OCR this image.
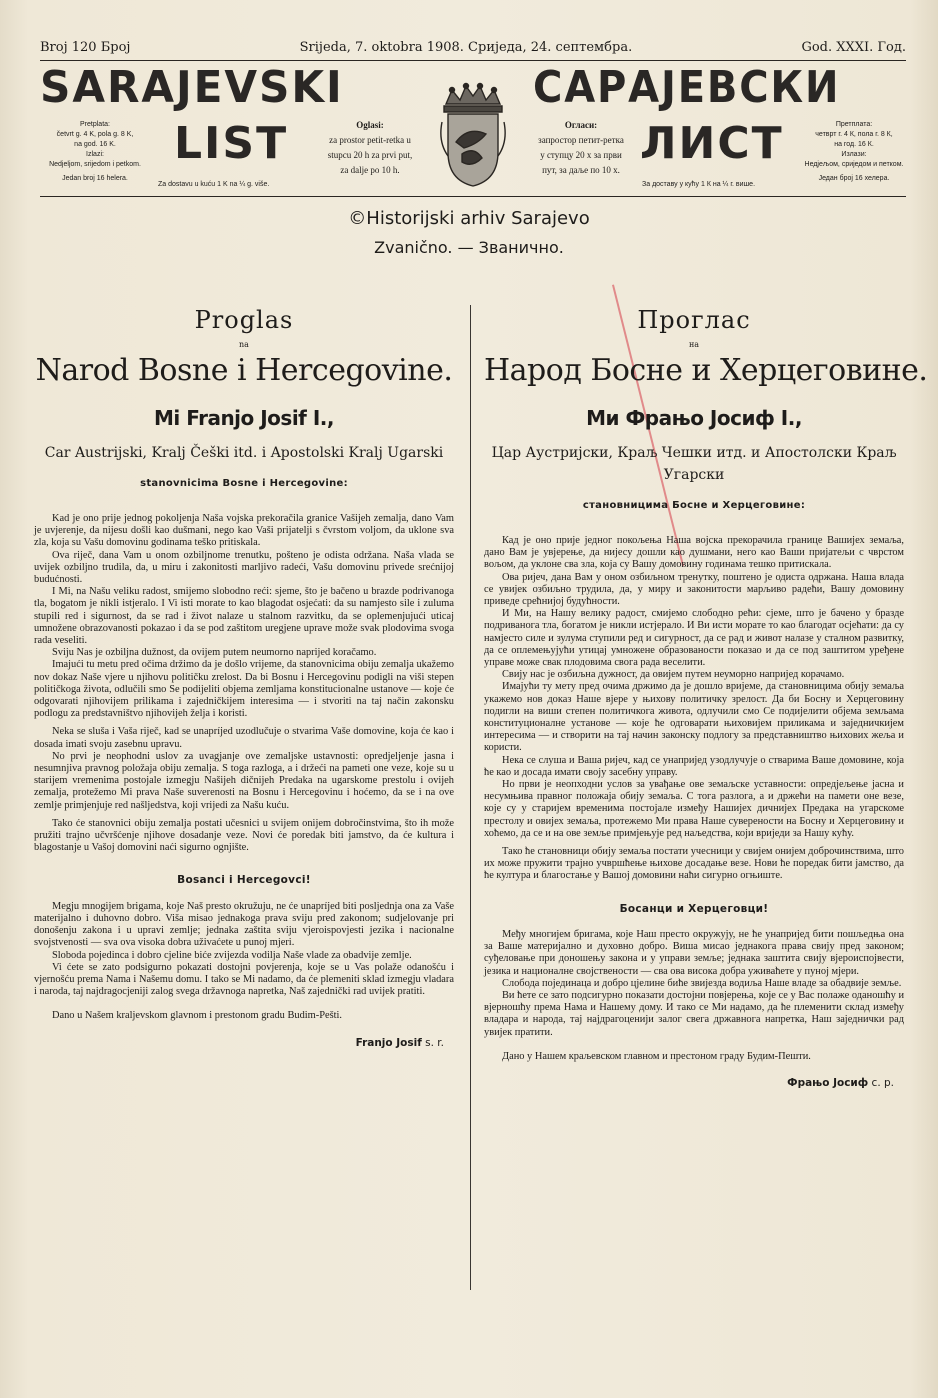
Broj 120 Број	Srijeda, 7. oktobra 1908. Сриједа, 24. септембра.	God. XXXI. Год.
SARAJEVSKI
LIST
САРАЈЕВСКИ
ЛИСТ
Pretplata:
četvrt g. 4 K, pola g. 8 K,
na god. 16 K.
Izlazi:
Nedjeljom, srijedom i petkom.
Jedan broj 16 helera.
Za dostavu u kuću 1 K na ¼ g. više.
Oglasi:
za prostor petit-retka u
stupcu 20 h za prvi put,
za dalje po 10 h.
Огласи:
запростор петит-ретка
у ступцу 20 х за први
пут, за даље по 10 х.
Претплата:
четврт г. 4 К, пола г. 8 К,
на год. 16 К.
Излази:
Недјељом, сриједом и петком.
Један број 16 хелера.
За доставу у кућу 1 К на ¼ г. више.
©Historijski arhiv Sarajevo
Zvanično. — Званично.
Proglas
na
Narod Bosne i Hercegovine.
Mi Franjo Josif I.,
Car Austrijski, Kralj Češki itd. i Apostolski Kralj Ugarski
stanovnicima Bosne i Hercegovine:

Kad je ono prije jednog pokoljenja Naša vojska prekoračila granice Vašijeh zemalja, dano Vam je uvjerenje, da nijesu došli kao dušmani, nego kao Vaši prijatelji s čvrstom voljom, da uklone sva zla, koja su Vašu domovinu godinama teško pritiskala.

Ova riječ, dana Vam u onom ozbiljnome trenutku, pošteno je odista održana. Naša vlada se uvijek ozbiljno trudila, da, u miru i zakonitosti marljivo radeći, Vašu domovinu privede srećnijoj budućnosti.

I Mi, na Našu veliku radost, smijemo slobodno reći: sjeme, što je bačeno u brazde podrivanoga tla, bogatom je nikli istjeralo. I Vi isti morate to kao blagodat osjećati: da su namjesto sile i zuluma stupili red i sigurnost, da se rad i život nalaze u stalnom razvitku, da se oplemenjujući uticaj umnožene obrazovanosti pokazao i da se pod zaštitom uregjene uprave može svak plodovima svoga rada veseliti.

Sviju Nas je ozbiljna dužnost, da ovijem putem neumorno naprijed koračamo.

Imajući tu metu pred očima držimo da je došlo vrijeme, da stanovnicima obiju zemalja ukažemo nov dokaz Naše vjere u njihovu političku zrelost. Da bi Bosnu i Hercegovinu podigli na viši stepen političkoga života, odlučili smo Se podijeliti objema zemljama konstitucionalne ustanove — koje će odgovarati njihovijem prilikama i zajedničkijem interesima — i stvoriti na taj način zakonsku podlogu za predstavništvo njihovijeh želja i koristi.

Neka se sluša i Vaša riječ, kad se unapríjed uzodlučuje o stvarima Vaše domovine, koja će kao i dosada imati svoju zasebnu upravu.

No prvi je neophodni uslov za uvagjanje ove zemaljske ustavnosti: opredjeljenje jasna i nesumnjiva pravnog položaja obiju zemalja. S toga razloga, a i držeći na pameti one veze, koje su u starijem vremenima postojale izmegju Našijeh dičnijeh Predaka na ugarskome prestolu i ovijeh zemalja, protežemo Mi prava Naše suverenosti na Bosnu i Hercegovinu i hoćemo, da se i na ove zemlje primjenjuje red našljedstva, koji vrijedi za Našu kuću.

Tako će stanovnici obiju zemalja postati učesnici u svijem onijem dobročinstvima, što ih može pružiti trajno učvršćenje njihove dosadanje veze. Novi će poredak biti jamstvo, da će kultura i blagostanje u Vašoj domovini naći sigurno ognjište.

Bosanci i Hercegovci!

Megju mnogijem brigama, koje Naš presto okružuju, ne će unapríjed biti posljednja ona za Vaše materijalno i duhovno dobro. Viša misao jednakoga prava sviju pred zakonom; sudjelovanje pri donošenju zakona i u upravi zemlje; jednaka zaštita sviju vjeroispovjesti jezika i nacionalne svojstvenosti — sva ova visoka dobra uživaćete u punoj mjeri.

Sloboda pojedinca i dobro cjeline biće zvijezda vodilja Naše vlade za obadvije zemlje.

Vi ćete se zato podsigurno pokazati dostojni povjerenja, koje se u Vas polaže odanošću i vjernošću prema Nama i Našemu domu. I tako se Mi nadamo, da će plemeniti sklad izmegju vladara i naroda, taj najdragocjeniji zalog svega državnoga napretka, Naš zajednički rad uvijek pratiti.

Dano u Našem kraljevskom glavnom i prestonom gradu Budim-Pešti.
Franjo Josif s. r.
Проглас
на
Народ Босне и Херцеговине.
Ми Фрањо Јосиф I.,
Цар Аустријски, Краљ Чешки итд. и Апостолски Краљ Угарски
становницима Босне и Херцеговине:

Кад је оно прије једног покољења Наша војска прекорачила границе Вашијех земаља, дано Вам је увјерење, да нијесу дошли као душмани, него као Ваши пријатељи с чврстом вољом, да уклоне сва зла, која су Вашу домовину годинама тешко притискала.

Ова ријеч, дана Вам у оном озбиљном тренутку, поштено је одиста одржана. Наша влада се увијек озбиљно трудила, да, у миру и законитости марљиво радећи, Вашу домовину приведе срећнијој будућности.

И Ми, на Нашу велику радост, смијемо слободно рећи: сјеме, што је бачено у бразде подриванога тла, богатом је никли истјерало. И Ви исти морате то као благодат осјећати: да су намјесто силе и зулума ступили ред и сигурност, да се рад и живот налазе у сталном развитку, да се оплемењујући утицај умножене образованости показао и да се под заштитом уређене управе може свак плодовима свога рада веселити.

Свију нас је озбиљна дужност, да овијем путем неуморно напријед корачамо.

Имајући ту мету пред очима држимо да је дошло вријеме, да становницима обију земаља укажемо нов доказ Наше вјере у њихову политичку зрелост. Да би Босну и Херцеговину подигли на виши степен политичкога живота, одлучили смо Се подијелити објема земљама конституционалне установе — које ће одговарати њиховијем приликама и заједничкијем интересима — и створити на тај начин законску подлогу за представништво њихових жеља и користи.

Нека се слуша и Ваша ријеч, кад се унапријед узодлучује о стварима Ваше домовине, која ће као и досада имати своју засебну управу.

Но први је неопходни услов за увађање ове земаљске уставности: опредјељење јасна и несумњива правног положаја обију земаља. С тога разлога, а и држећи на памети оне везе, које су у старијем временима постојале између Нашијех дичнијех Предака на угарскоме престолу и овијех земаља, протежемо Ми права Наше суверености на Босну и Херцеговину и хоћемо, да се и на ове земље примјењује ред наљедства, који вриједи за Нашу кућу.

Тако ће становници обију земаља постати учесници у свијем онијем доброчинствима, што их може пружити трајно учвршћење њихове досадање везе. Нови ће поредак бити јамство, да ће култура и благостање у Вашој домовини наћи сигурно огњиште.

Босанци и Херцеговци!

Међу многијем бригама, које Наш престо окружују, не ће унапријед бити пошљедња она за Ваше материјално и духовно добро. Виша мисао једнакога права свију пред законом; суђеловање при доношењу закона и у управи земље; једнака заштита свију вјероиспојвести, језика и националне својствености — сва ова висока добра уживаћете у пуној мјери.

Слобода појединаца и добро цјелине биће звијезда водиља Наше владе за обадвије земље.

Ви ћете се зато подсигурно показати достојни повјерења, које се у Вас полаже оданошћу и вјерношћу према Нама и Нашему дому. И тако се Ми надамо, да ће племенити склад између владара и народа, тај најдрагоценији залог свега државнога напретка, Наш заједнички рад увијек пратити.

Дано у Нашем краљевском главном и престоном граду Будим-Пешти.
Фрањо Јосиф с. р.
